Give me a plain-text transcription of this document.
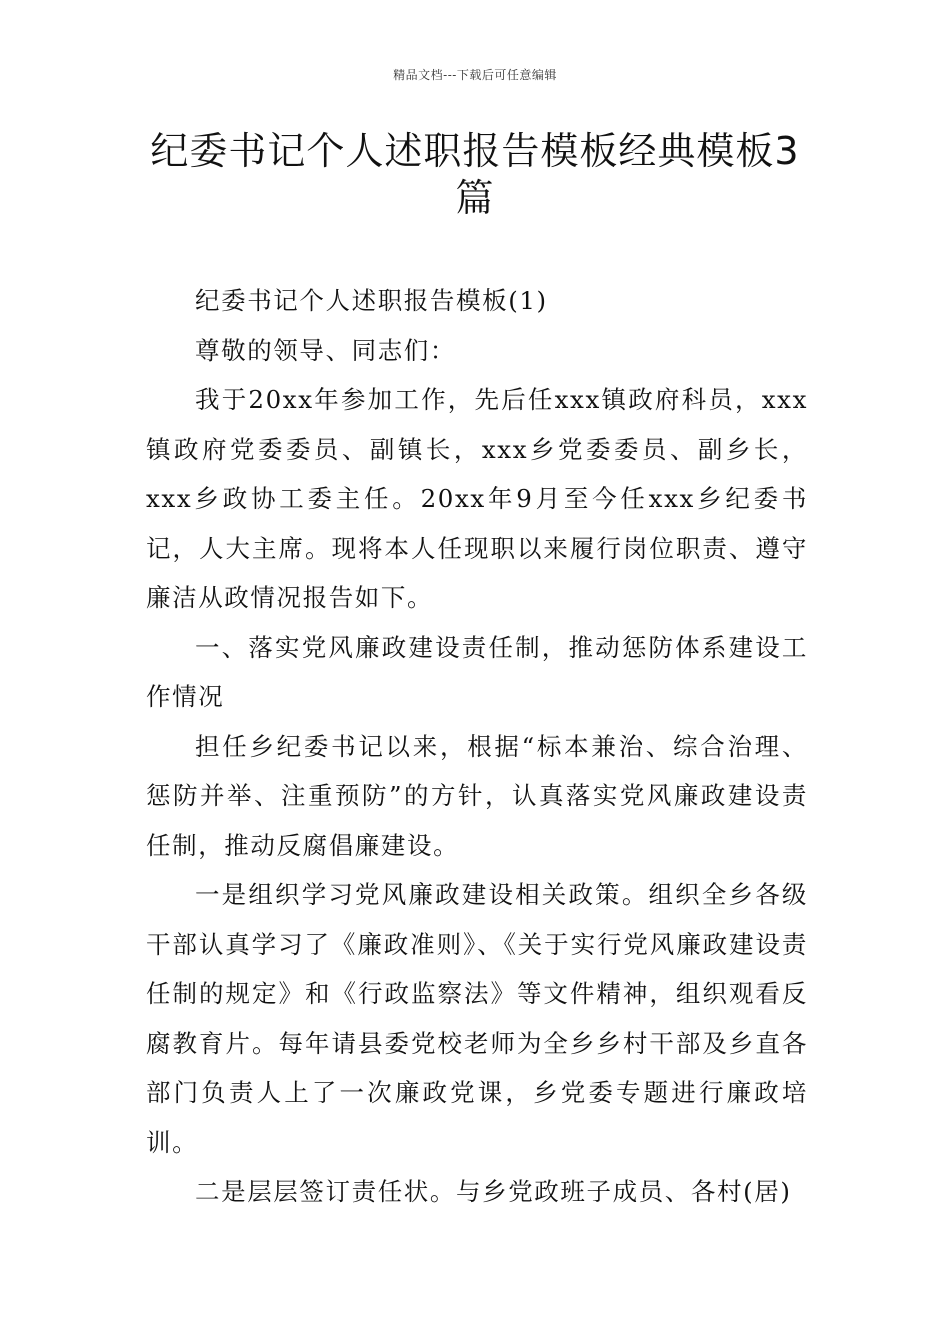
精品文档---下载后可任意编辑
纪委书记个人述职报告模板经典模板3篇

纪委书记个人述职报告模板(1)

尊敬的领导、同志们：

我于20xx年参加工作，先后任xxx镇政府科员，xxx镇政府党委委员、副镇长，xxx乡党委委员、副乡长，xxx乡政协工委主任。20xx年9月至今任xxx乡纪委书记，人大主席。现将本人任现职以来履行岗位职责、遵守廉洁从政情况报告如下。

一、落实党风廉政建设责任制，推动惩防体系建设工作情况

担任乡纪委书记以来，根据“标本兼治、综合治理、惩防并举、注重预防”的方针，认真落实党风廉政建设责任制，推动反腐倡廉建设。

一是组织学习党风廉政建设相关政策。组织全乡各级干部认真学习了《廉政准则》、《关于实行党风廉政建设责任制的规定》和《行政监察法》等文件精神，组织观看反腐教育片。每年请县委党校老师为全乡乡村干部及乡直各部门负责人上了一次廉政党课，乡党委专题进行廉政培训。

二是层层签订责任状。与乡党政班子成员、各村(居)
